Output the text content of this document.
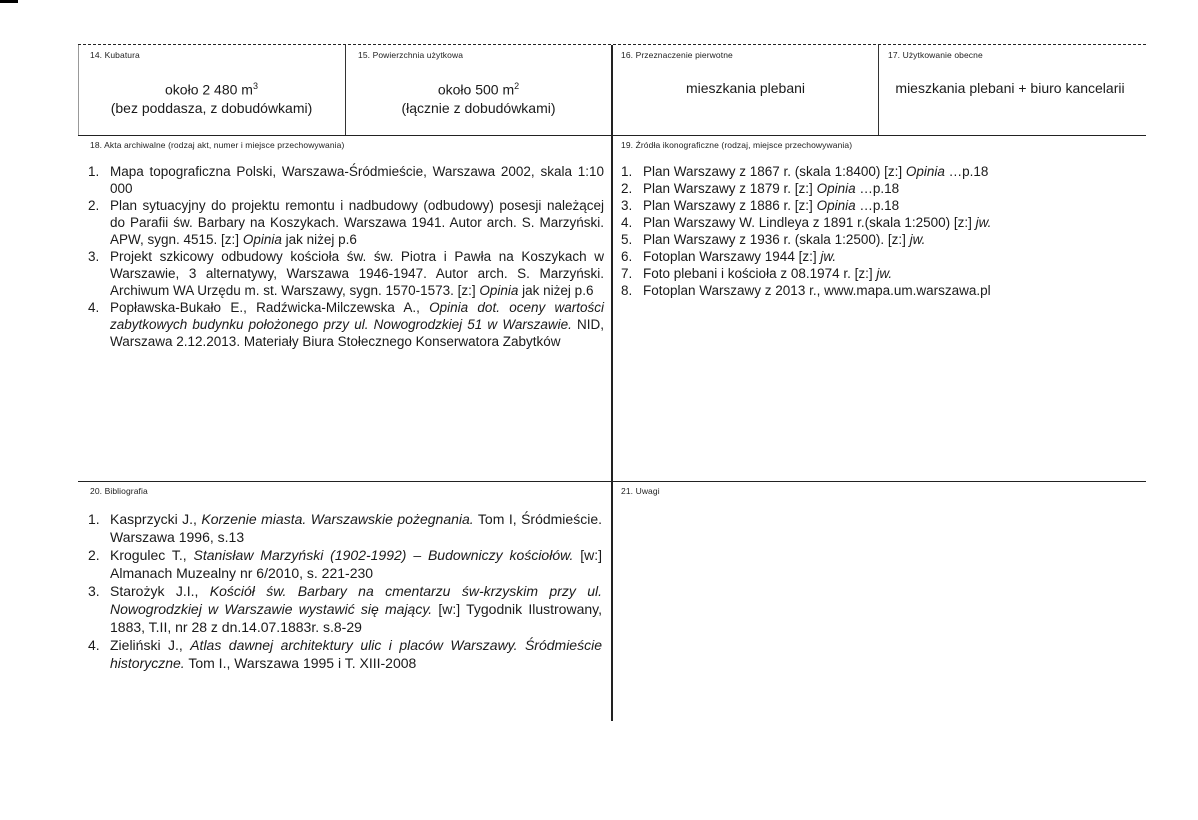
14. Kubatura
około 2 480 $m^3$
(bez poddasza, z dobudówkami)
15. Powierzchnia użytkowa
około 500 $m^2$
(łącznie z dobudówkami)
16. Przeznaczenie pierwotne
mieszkania plebani
17. Użytkowanie obecne
mieszkania plebani + biuro kancelarii
18. Akta archiwalne (rodzaj akt, numer i miejsce przechowywania)
1. Mapa topograficzna Polski, Warszawa-Śródmieście, Warszawa 2002, skala 1:10 000
2. Plan sytuacyjny do projektu remontu i nadbudowy (odbudowy) posesji należącej do Parafii św. Barbary na Koszykach. Warszawa 1941. Autor arch. S. Marzyński. APW, sygn. 4515. [z:] Opinia jak niżej p.6
3. Projekt szkicowy odbudowy kościoła św. św. Piotra i Pawła na Koszykach w Warszawie, 3 alternatywy, Warszawa 1946-1947. Autor arch. S. Marzyński. Archiwum WA Urzędu m. st. Warszawy, sygn. 1570-1573. [z:] Opinia jak niżej p.6
4. Popławska-Bukało E., Radźwicka-Milczewska A., Opinia dot. oceny wartości zabytkowych budynku położonego przy ul. Nowogrodzkiej 51 w Warszawie. NID, Warszawa 2.12.2013. Materiały Biura Stołecznego Konserwatora Zabytków
19. Źródła ikonograficzne (rodzaj, miejsce przechowywania)
1. Plan Warszawy z 1867 r. (skala 1:8400) [z:] Opinia …p.18
2. Plan Warszawy z 1879 r. [z:] Opinia …p.18
3. Plan Warszawy z 1886 r. [z:] Opinia …p.18
4. Plan Warszawy W. Lindleya z 1891 r.(skala 1:2500) [z:] jw.
5. Plan Warszawy z 1936 r. (skala 1:2500). [z:] jw.
6. Fotoplan Warszawy 1944 [z:] jw.
7. Foto plebani i kościoła z 08.1974 r. [z:] jw.
8. Fotoplan Warszawy z 2013 r., www.mapa.um.warszawa.pl
20. Bibliografia
1. Kasprzycki J., Korzenie miasta. Warszawskie pożegnania. Tom I, Śródmieście. Warszawa 1996, s.13
2. Krogulec T., Stanisław Marzyński (1902-1992) – Budowniczy kościołów. [w:] Almanach Muzealny nr 6/2010, s. 221-230
3. Starożyk J.I., Kościół św. Barbary na cmentarzu św-krzyskim przy ul. Nowogrodzkiej w Warszawie wystawić się mający. [w:] Tygodnik Ilustrowany, 1883, T.II, nr 28 z dn.14.07.1883r. s.8-29
4. Zieliński J., Atlas dawnej architektury ulic i placów Warszawy. Śródmieście historyczne. Tom I., Warszawa 1995 i T. XIII-2008
21. Uwagi
